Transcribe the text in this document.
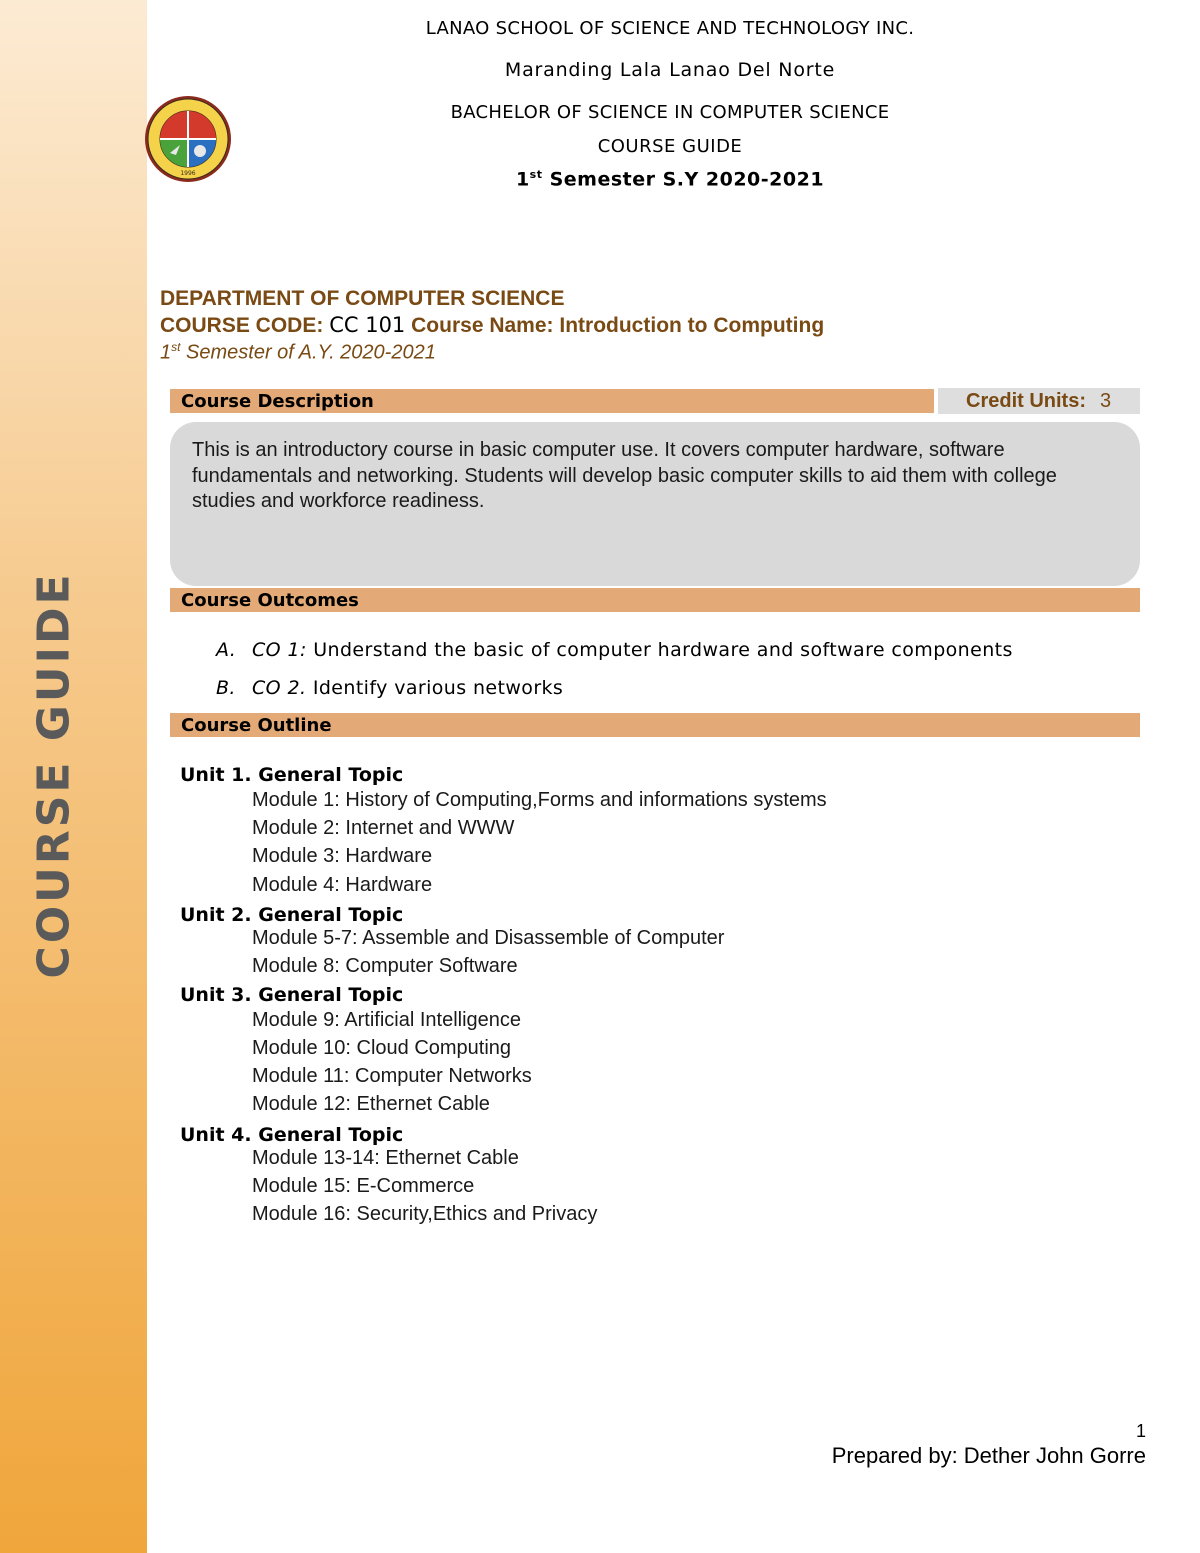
COURSE GUIDE
1996
LANAO SCHOOL OF SCIENCE AND TECHNOLOGY INC.
Maranding Lala Lanao Del Norte
BACHELOR OF SCIENCE IN COMPUTER SCIENCE
COURSE GUIDE
1st Semester S.Y 2020-2021
DEPARTMENT OF COMPUTER SCIENCE
COURSE CODE: CC 101 Course Name: Introduction to Computing
1st Semester of A.Y. 2020-2021
Course Description	Credit Units: 3
This is an introductory course in basic computer use. It covers computer hardware, software fundamentals and networking. Students will develop basic computer skills to aid them with college studies and workforce readiness.
Course Outcomes
A. CO 1: Understand the basic of computer hardware and software components
B. CO 2. Identify various networks
Course Outline
Unit 1. General Topic
Module 1: History of Computing,Forms and informations systems
Module 2: Internet and WWW
Module 3: Hardware
Module 4: Hardware
Unit 2. General Topic
Module 5-7: Assemble and Disassemble of Computer
Module 8: Computer Software
Unit 3. General Topic
Module 9: Artificial Intelligence
Module 10: Cloud Computing
Module 11: Computer Networks
Module 12: Ethernet Cable
Unit 4. General Topic
Module 13-14: Ethernet Cable
Module 15: E-Commerce
Module 16: Security,Ethics and Privacy
1
Prepared by: Dether John Gorre
